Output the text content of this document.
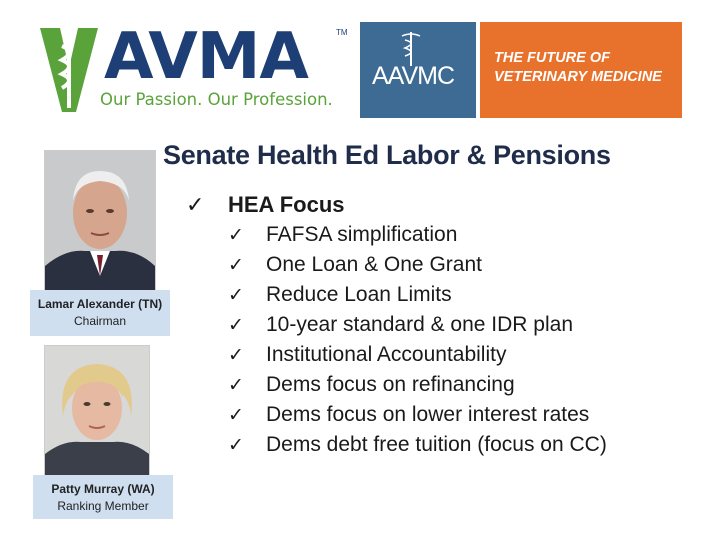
AVMA	TM
Our Passion. Our Profession.
AAVMC
THE FUTURE OF
VETERINARY MEDICINE
Senate Health Ed Labor & Pensions
Lamar Alexander (TN)
Chairman
Patty Murray (WA)
Ranking Member
✓	HEA Focus
✓	FAFSA simplification
✓	One Loan & One Grant
✓	Reduce Loan Limits
✓	10-year standard & one IDR plan
✓	Institutional Accountability
✓	Dems focus on refinancing
✓	Dems focus on lower interest rates
✓	Dems debt free tuition (focus on CC)
